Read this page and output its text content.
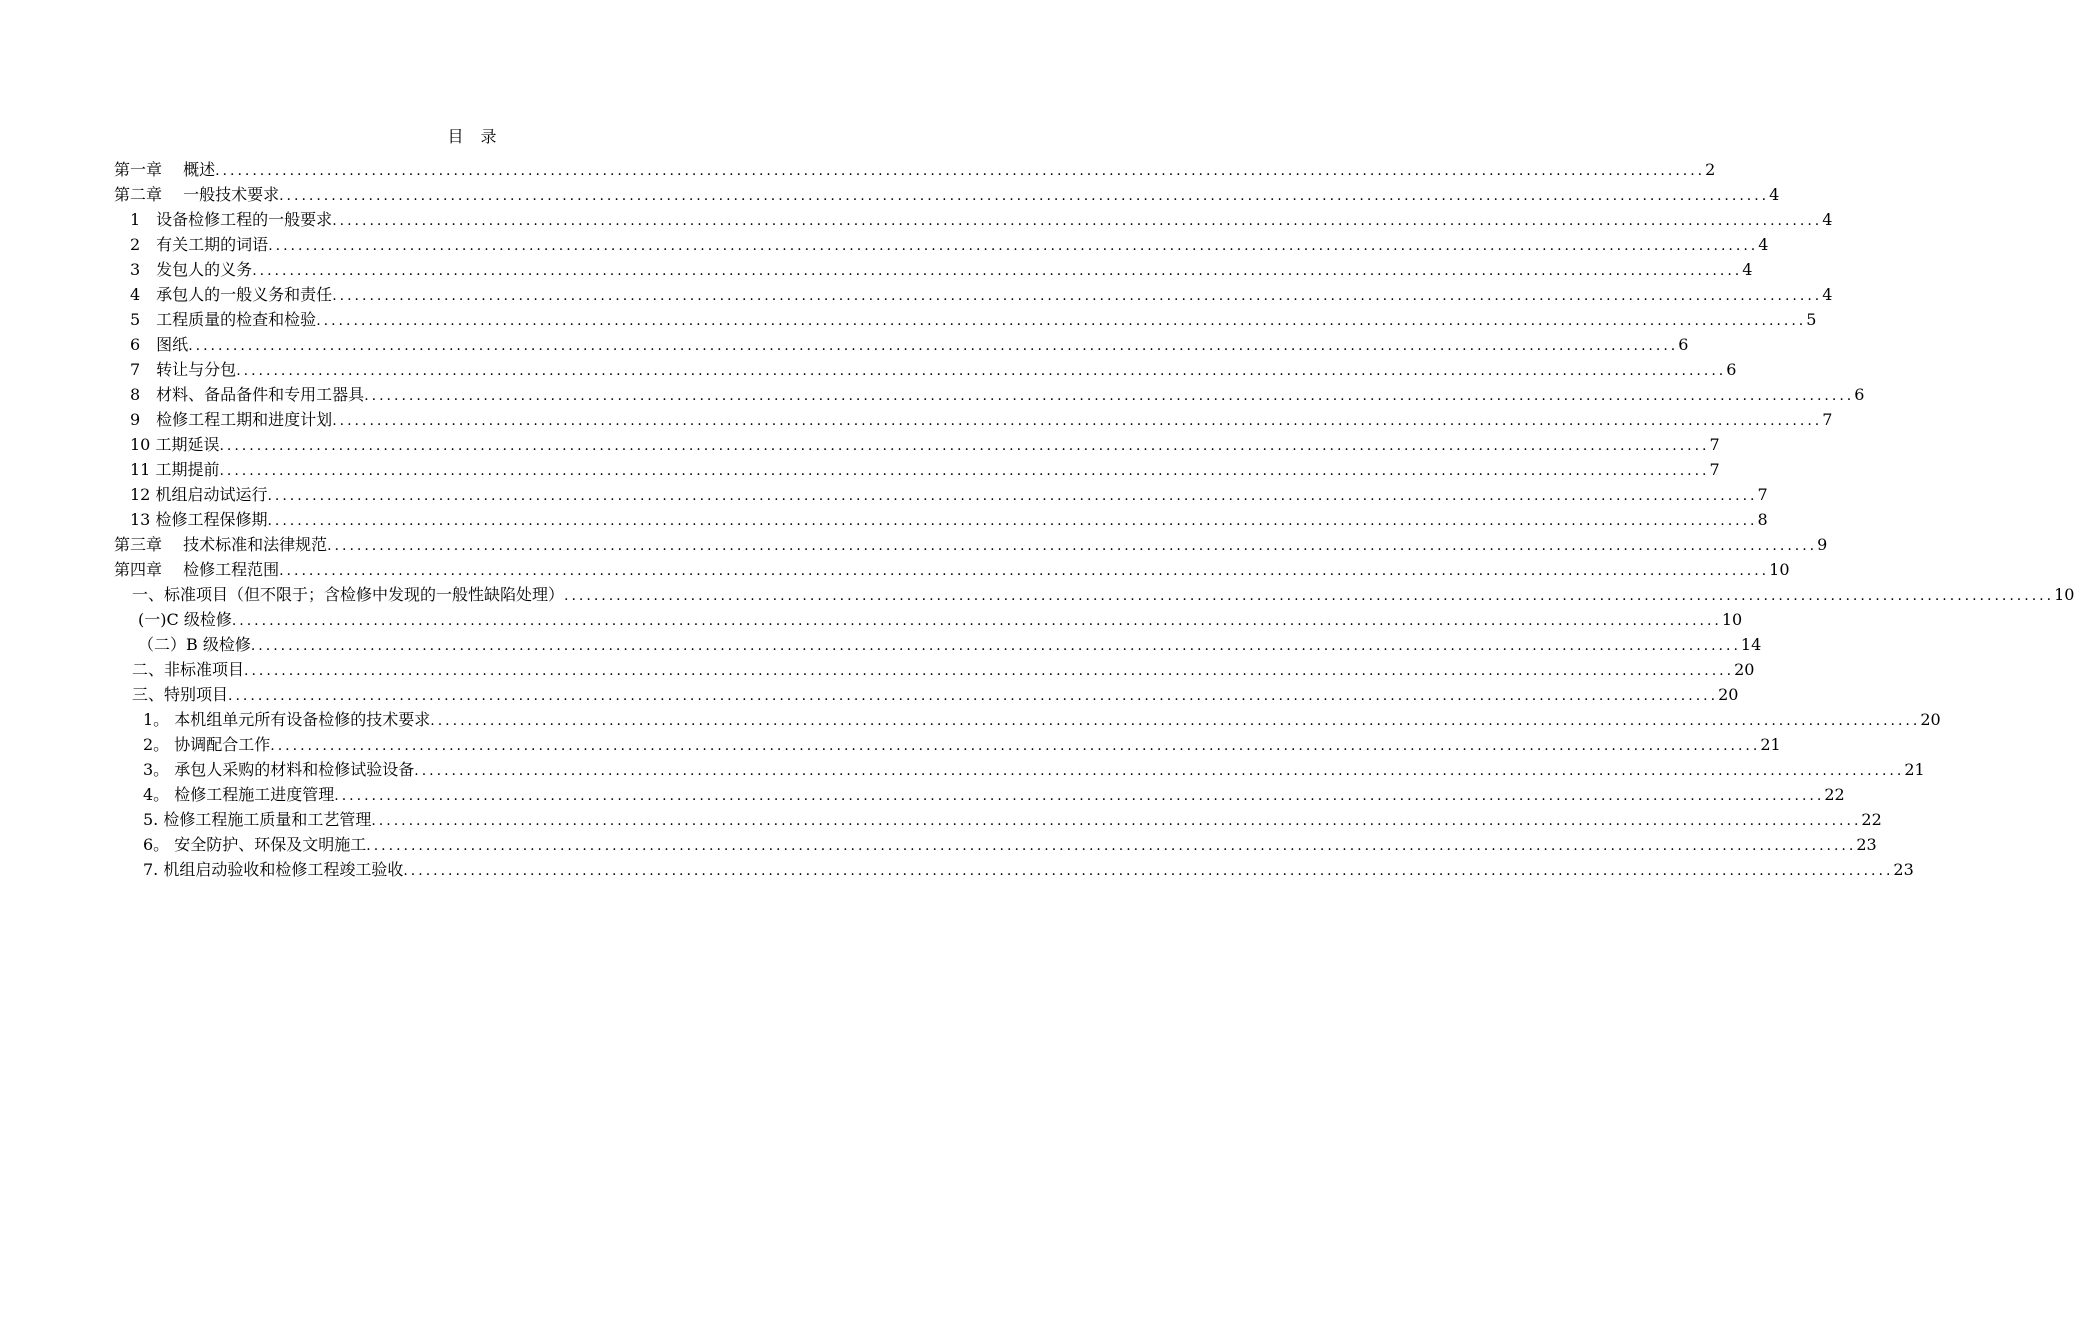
目 录
第一章　 概述 ........................................................................................................................................................................................................ 2
第二章　 一般技术要求 ........................................................................................................................................................................................................ 4
1　设备检修工程的一般要求 ........................................................................................................................................................................................................ 4
2　有关工期的词语 ........................................................................................................................................................................................................ 4
3　发包人的义务 ........................................................................................................................................................................................................ 4
4　承包人的一般义务和责任 ........................................................................................................................................................................................................ 4
5　工程质量的检查和检验 ........................................................................................................................................................................................................ 5
6　图纸 ........................................................................................................................................................................................................ 6
7　转让与分包 ........................................................................................................................................................................................................ 6
8　材料、备品备件和专用工器具 ........................................................................................................................................................................................................ 6
9　检修工程工期和进度计划 ........................................................................................................................................................................................................ 7
10 工期延误 ........................................................................................................................................................................................................ 7
11 工期提前 ........................................................................................................................................................................................................ 7
12 机组启动试运行 ........................................................................................................................................................................................................ 7
13 检修工程保修期 ........................................................................................................................................................................................................ 8
第三章　 技术标准和法律规范 ........................................................................................................................................................................................................ 9
第四章　 检修工程范围 ........................................................................................................................................................................................................ 10
一、标准项目（但不限于；含检修中发现的一般性缺陷处理） ........................................................................................................................................................................................................ 10
(一)C 级检修 ........................................................................................................................................................................................................ 10
（二）B 级检修 ........................................................................................................................................................................................................ 14
二、非标准项目 ........................................................................................................................................................................................................ 20
三、特别项目 ........................................................................................................................................................................................................ 20
1。 本机组单元所有设备检修的技术要求 ........................................................................................................................................................................................................ 20
2。 协调配合工作 ........................................................................................................................................................................................................ 21
3。 承包人采购的材料和检修试验设备 ........................................................................................................................................................................................................ 21
4。 检修工程施工进度管理 ........................................................................................................................................................................................................ 22
5. 检修工程施工质量和工艺管理 ........................................................................................................................................................................................................ 22
6。 安全防护、环保及文明施工 ........................................................................................................................................................................................................ 23
7. 机组启动验收和检修工程竣工验收 ........................................................................................................................................................................................................ 23
